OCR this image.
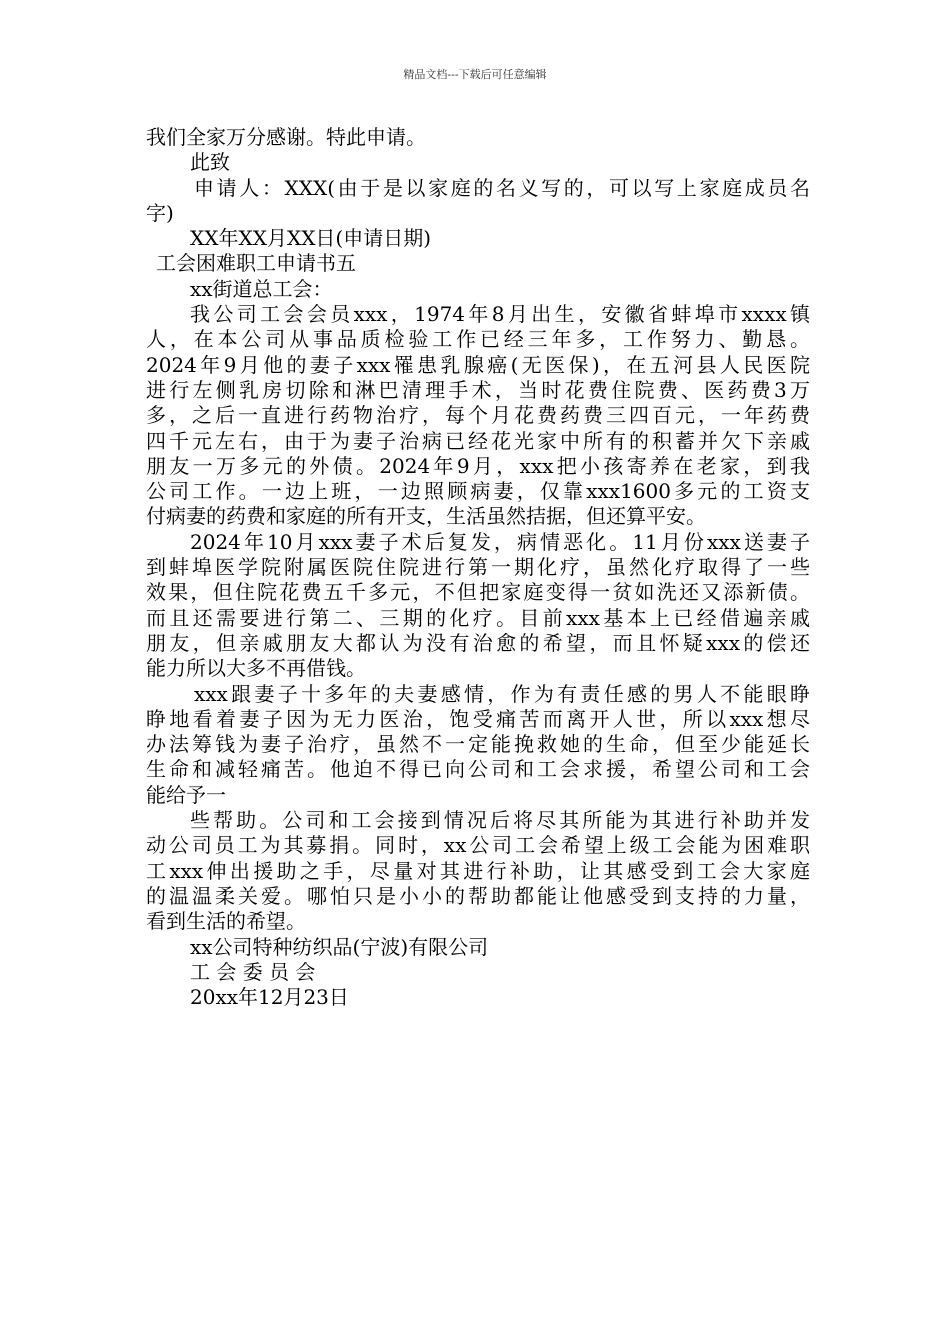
精品文档---下载后可任意编辑

我们全家万分感谢。特此申请。

此致

申请人：XXX(由于是以家庭的名义写的，可以写上家庭成员名

字)

XX年XX月XX日(申请日期)

工会困难职工申请书五

xx街道总工会：

我公司工会会员xxx，1974年8月出生，安徽省蚌埠市xxxx镇

人，在本公司从事品质检验工作已经三年多，工作努力、勤恳。

2024年9月他的妻子xxx罹患乳腺癌(无医保)，在五河县人民医院

进行左侧乳房切除和淋巴清理手术，当时花费住院费、医药费3万

多，之后一直进行药物治疗，每个月花费药费三四百元，一年药费

四千元左右，由于为妻子治病已经花光家中所有的积蓄并欠下亲戚

朋友一万多元的外债。2024年9月，xxx把小孩寄养在老家，到我

公司工作。一边上班，一边照顾病妻，仅靠xxx1600多元的工资支

付病妻的药费和家庭的所有开支，生活虽然拮据，但还算平安。

2024年10月xxx妻子术后复发，病情恶化。11月份xxx送妻子

到蚌埠医学院附属医院住院进行第一期化疗，虽然化疗取得了一些

效果，但住院花费五千多元，不但把家庭变得一贫如洗还又添新债。

而且还需要进行第二、三期的化疗。目前xxx基本上已经借遍亲戚

朋友，但亲戚朋友大都认为没有治愈的希望，而且怀疑xxx的偿还

能力所以大多不再借钱。

xxx跟妻子十多年的夫妻感情，作为有责任感的男人不能眼睁

睁地看着妻子因为无力医治，饱受痛苦而离开人世，所以xxx想尽

办法筹钱为妻子治疗，虽然不一定能挽救她的生命，但至少能延长

生命和减轻痛苦。他迫不得已向公司和工会求援，希望公司和工会

能给予一

些帮助。公司和工会接到情况后将尽其所能为其进行补助并发

动公司员工为其募捐。同时，xx公司工会希望上级工会能为困难职

工xxx伸出援助之手，尽量对其进行补助，让其感受到工会大家庭

的温温柔关爱。哪怕只是小小的帮助都能让他感受到支持的力量，

看到生活的希望。

xx公司特种纺织品(宁波)有限公司

工 会 委 员 会

20xx年12月23日
